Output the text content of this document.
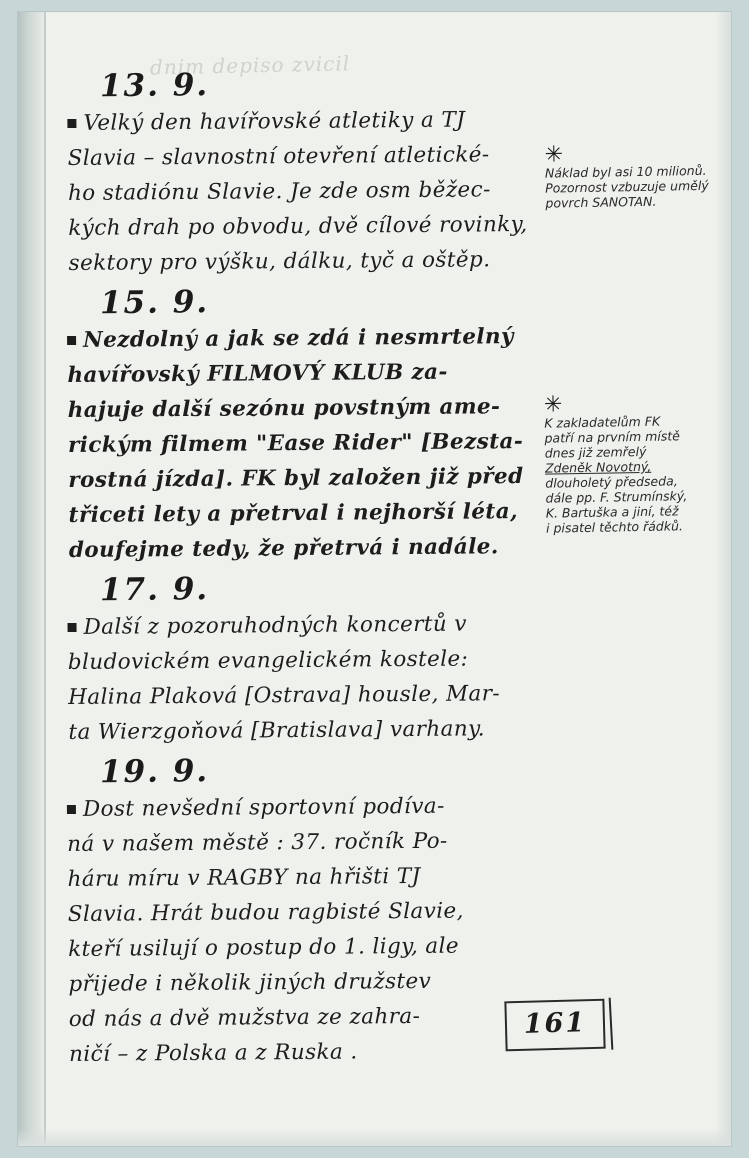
dnim depiso zvicil
13. 9.
Velký den havířovské atletiky a TJ
Slavia – slavnostní otevření atletické-
ho stadiónu Slavie. Je zde osm běžec-
kých drah po obvodu, dvě cílové rovinky,
sektory pro výšku, dálku, tyč a oštěp.
15. 9.
Nezdolný a jak se zdá i nesmrtelný
havířovský FILMOVÝ KLUB za-
hajuje další sezónu povstným ame-
rickým filmem "Ease Rider" [Bezsta-
rostná jízda]. FK byl založen již před
třiceti lety a přetrval i nejhorší léta,
doufejme tedy, že přetrvá i nadále.
17. 9.
Další z pozoruhodných koncertů v
bludovickém evangelickém kostele:
Halina Plaková [Ostrava] housle, Mar-
ta Wierzgoňová [Bratislava] varhany.
19. 9.
Dost nevšední sportovní podíva-
ná v našem městě : 37. ročník Po-
háru míru v RAGBY na hřišti TJ
Slavia. Hrát budou ragbisté Slavie,
kteří usilují o postup do 1. ligy, ale
přijede i několik jiných družstev
od nás a dvě mužstva ze zahra-
ničí – z Polska a z Ruska .
✳
Náklad byl asi 10 milionů.
Pozornost vzbuzuje umělý
povrch SANOTAN.
✳
K zakladatelům FK
patří na prvním místě
dnes již zemřelý
Zdeněk Novotný,
dlouholetý předseda,
dále pp. F. Strumínský,
K. Bartuška a jiní, též
i pisatel těchto řádků.
161
